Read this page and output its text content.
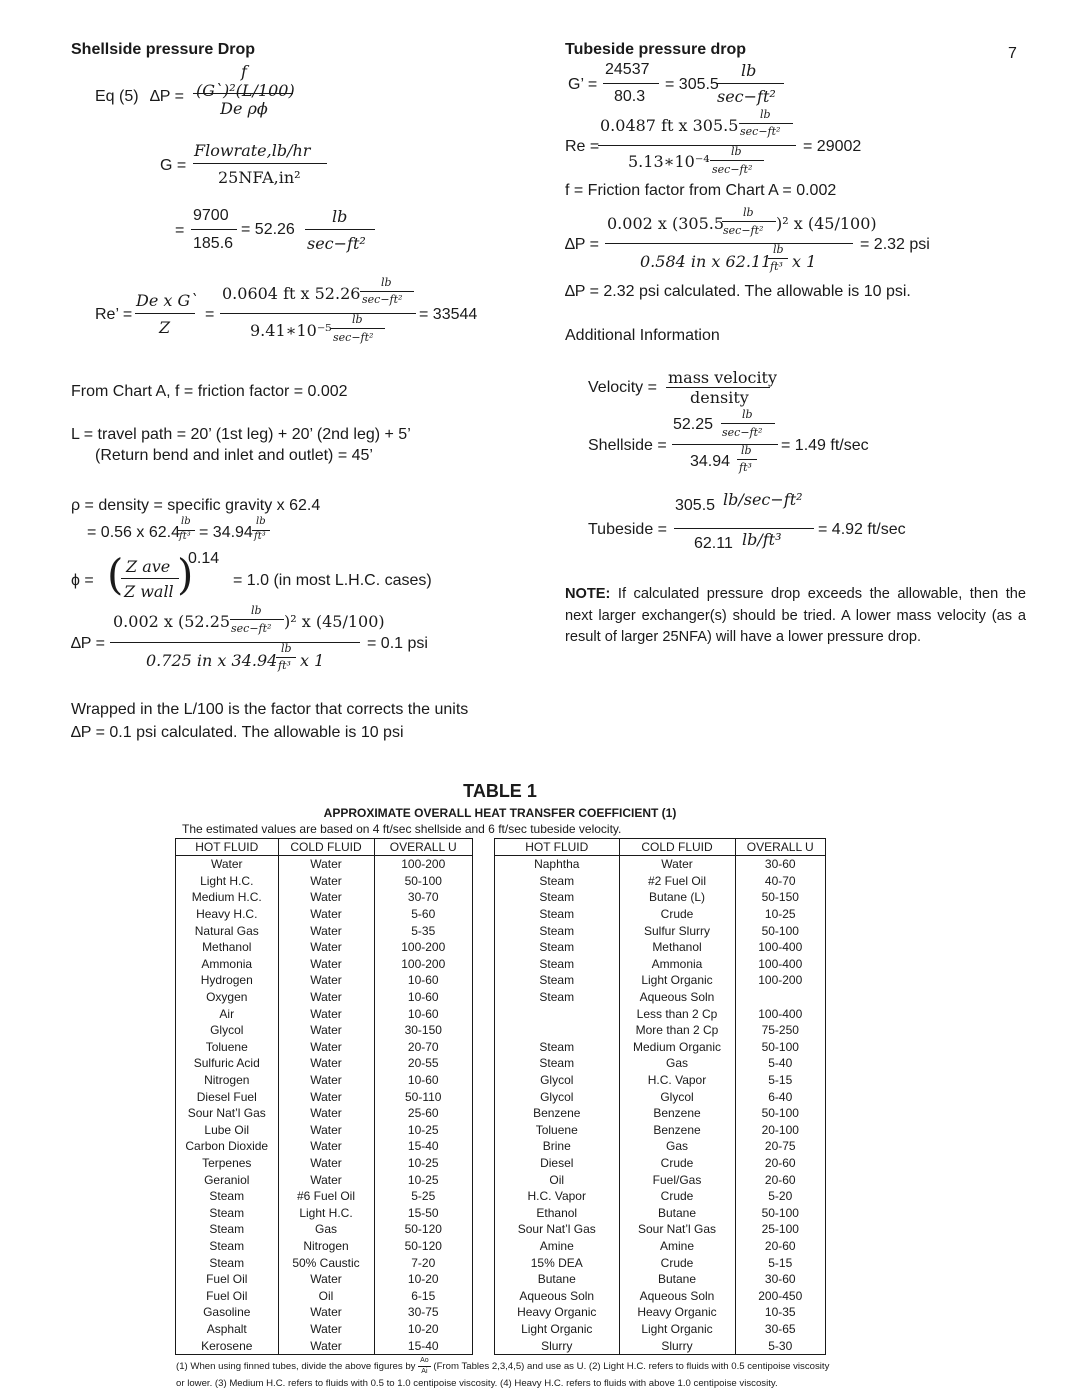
7
Shellside pressure Drop
Eq (5) ∆P =
f (G`)²(L/100)
De ρϕ
G =
Flowrate,lb/hr
25NFA,in²
=
9700
185.6
= 52.26
lb
sec−ft²
Re’ =
De x G`
Z
=
0.0604 ft x 52.26
lb
sec−ft²
9.41∗10⁻⁵
lb
sec−ft²
= 33544
From Chart A, f = friction factor = 0.002
L = travel path = 20’ (1st leg) + 20’ (2nd leg) + 5’
(Return bend and inlet and outlet) = 45’
ρ = density = specific gravity x 62.4
= 0.56 x 62.4
lb
ft³ = 34.94
lb
ft³
ϕ = ( Z ave
Z wall )
0.14
= 1.0 (in most L.H.C. cases)
∆P =
0.002 x (52.25
lb
sec−ft² )² x (45/100)
0.725 in x 34.94
lb
ft³ x 1
= 0.1 psi
Wrapped in the L/100 is the factor that corrects the units
∆P = 0.1 psi calculated. The allowable is 10 psi
Tubeside pressure drop
G’ =
24537
80.3
= 305.5
lb
sec−ft²
Re =
0.0487 ft x 305.5
lb
sec−ft²
5.13∗10⁻⁴
lb
sec−ft²
= 29002
f = Friction factor from Chart A = 0.002
∆P =
0.002 x (305.5
lb
sec−ft² )² x (45/100)
0.584 in x 62.11
lb
ft³ x 1
= 2.32 psi
∆P = 2.32 psi calculated. The allowable is 10 psi.
Additional Information
Velocity =
mass velocity
density
Shellside =
52.25
lb
sec−ft²
34.94
lb
ft³
= 1.49 ft/sec
Tubeside =
305.5 lb/sec−ft²
62.11 lb/ft³
= 4.92 ft/sec
NOTE: If calculated pressure drop exceeds the allowable, then the next larger exchanger(s) should be tried. A lower mass velocity (as a result of larger 25NFA) will have a lower pressure drop.
TABLE 1
APPROXIMATE OVERALL HEAT TRANSFER COEFFICIENT (1)
The estimated values are based on 4 ft/sec shellside and 6 ft/sec tubeside velocity.
HOT FLUID	COLD FLUID	OVERALL U
Water	Water	100-200
Light H.C.	Water	50-100
Medium H.C.	Water	30-70
Heavy H.C.	Water	5-60
Natural Gas	Water	5-35
Methanol	Water	100-200
Ammonia	Water	100-200
Hydrogen	Water	10-60
Oxygen	Water	10-60
Air	Water	10-60
Glycol	Water	30-150
Toluene	Water	20-70
Sulfuric Acid	Water	20-55
Nitrogen	Water	10-60
Diesel Fuel	Water	50-110
Sour Nat’l Gas	Water	25-60
Lube Oil	Water	10-25
Carbon Dioxide	Water	15-40
Terpenes	Water	10-25
Geraniol	Water	10-25
Steam	#6 Fuel Oil	5-25
Steam	Light H.C.	15-50
Steam	Gas	50-120
Steam	Nitrogen	50-120
Steam	50% Caustic	7-20
Fuel Oil	Water	10-20
Fuel Oil	Oil	6-15
Gasoline	Water	30-75
Asphalt	Water	10-20
Kerosene	Water	15-40
HOT FLUID	COLD FLUID	OVERALL U
Naphtha	Water	30-60
Steam	#2 Fuel Oil	40-70
Steam	Butane (L)	50-150
Steam	Crude	10-25
Steam	Sulfur Slurry	50-100
Steam	Methanol	100-400
Steam	Ammonia	100-400
Steam	Light Organic	100-200
Steam	Aqueous Soln	
	Less than 2 Cp	100-400
	More than 2 Cp	75-250
Steam	Medium Organic	50-100
Steam	Gas	5-40
Glycol	H.C. Vapor	5-15
Glycol	Glycol	6-40
Benzene	Benzene	50-100
Toluene	Benzene	20-100
Brine	Gas	20-75
Diesel	Crude	20-60
Oil	Fuel/Gas	20-60
H.C. Vapor	Crude	5-20
Ethanol	Butane	50-100
Sour Nat’l Gas	Sour Nat’l Gas	25-100
Amine	Amine	20-60
15% DEA	Crude	5-15
Butane	Butane	30-60
Aqueous Soln	Aqueous Soln	200-450
Heavy Organic	Heavy Organic	10-35
Light Organic	Light Organic	30-65
Slurry	Slurry	5-30
(1) When using finned tubes, divide the above figures by $\frac{Ao}{Ai}$ (From Tables 2,3,4,5) and use as U. (2) Light H.C. refers to fluids with 0.5 centipoise viscosity
or lower. (3) Medium H.C. refers to fluids with 0.5 to 1.0 centipoise viscosity. (4) Heavy H.C. refers to fluids with above 1.0 centipoise viscosity.
